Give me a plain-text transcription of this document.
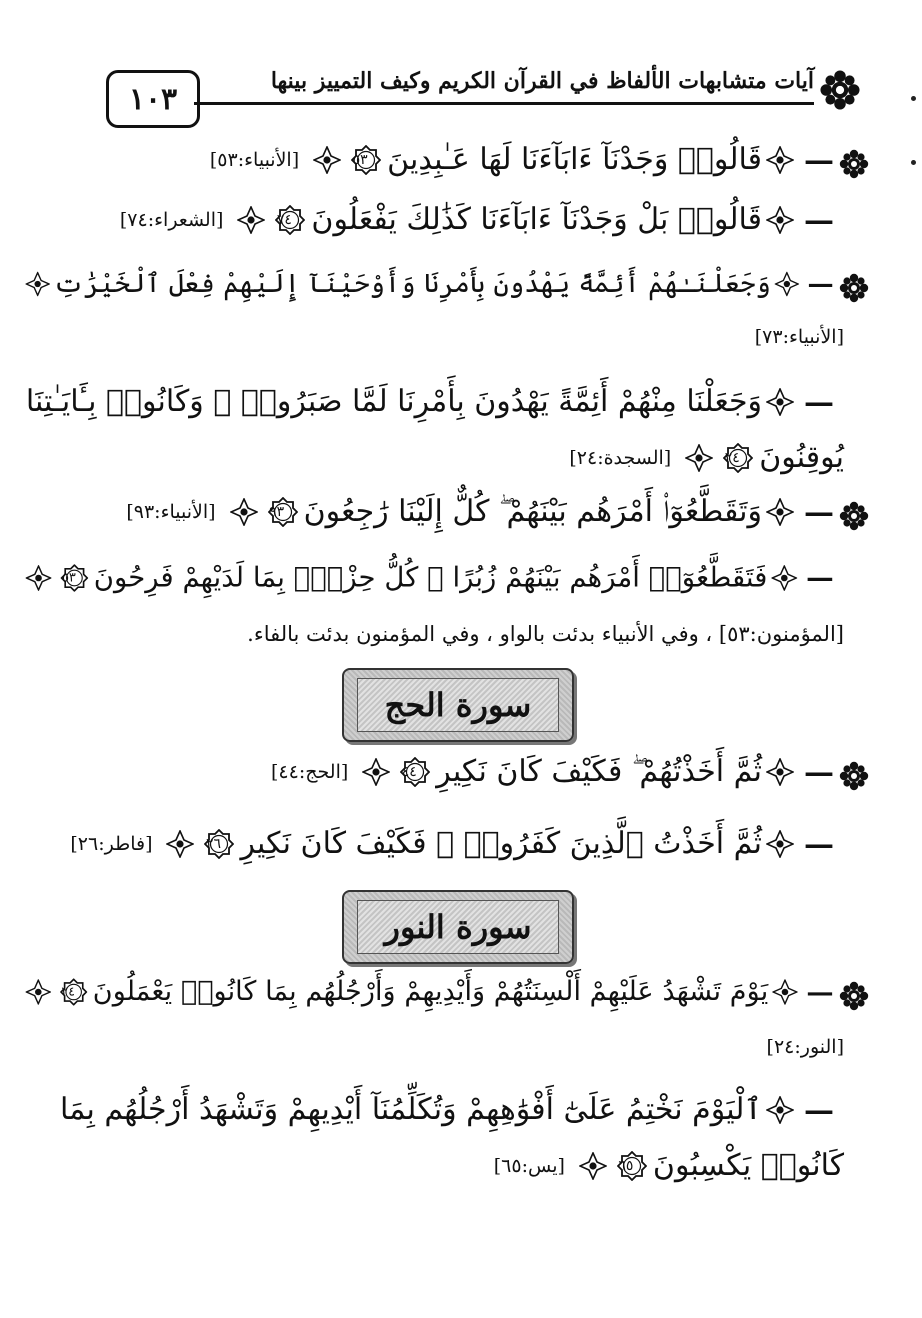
١٠٣
آيات متشابهات الألفاظ في القرآن الكريم وكيف التمييز بينها
—
قَالُوا۟ وَجَدْنَآ ءَابَآءَنَا لَهَا عَـٰبِدِينَ
٥٣
[الأنبياء:٥٣]
—
قَالُوا۟ بَلْ وَجَدْنَآ ءَابَآءَنَا كَذَٰلِكَ يَفْعَلُونَ
٧٤
[الشعراء:٧٤]
—
وَجَعَلْنَـٰهُمْ أَئِمَّةً يَهْدُونَ بِأَمْرِنَا وَأَوْحَيْنَآ إِلَيْهِمْ فِعْلَ ٱلْخَيْرَٰتِ
[الأنبياء:٧٣]
—
وَجَعَلْنَا مِنْهُمْ أَئِمَّةً يَهْدُونَ بِأَمْرِنَا لَمَّا صَبَرُوا۟ ۖ وَكَانُوا۟ بِـَٔايَـٰتِنَا
يُوقِنُونَ
٢٤
[السجدة:٢٤]
—
وَتَقَطَّعُوٓا۟ أَمْرَهُم بَيْنَهُمْ ۖ كُلٌّ إِلَيْنَا رَٰجِعُونَ
٩٣
[الأنبياء:٩٣]
—
فَتَقَطَّعُوٓا۟ أَمْرَهُم بَيْنَهُمْ زُبُرًا ۖ كُلُّ حِزْبٍۭ بِمَا لَدَيْهِمْ فَرِحُونَ
٥٣
[المؤمنون:٥٣] ، وفي الأنبياء بدئت بالواو ، وفي المؤمنون بدئت بالفاء.
سورة الحج
—
ثُمَّ أَخَذْتُهُمْ ۖ فَكَيْفَ كَانَ نَكِيرِ
٤٤
[الحج:٤٤]
—
ثُمَّ أَخَذْتُ ٱلَّذِينَ كَفَرُوا۟ ۖ فَكَيْفَ كَانَ نَكِيرِ
٢٦
[فاطر:٢٦]
سورة النور
—
يَوْمَ تَشْهَدُ عَلَيْهِمْ أَلْسِنَتُهُمْ وَأَيْدِيهِمْ وَأَرْجُلُهُم بِمَا كَانُوا۟ يَعْمَلُونَ
٢٤
[النور:٢٤]
—
ٱلْيَوْمَ نَخْتِمُ عَلَىٰٓ أَفْوَٰهِهِمْ وَتُكَلِّمُنَآ أَيْدِيهِمْ وَتَشْهَدُ أَرْجُلُهُم بِمَا
كَانُوا۟ يَكْسِبُونَ
٦٥
[يس:٦٥]
